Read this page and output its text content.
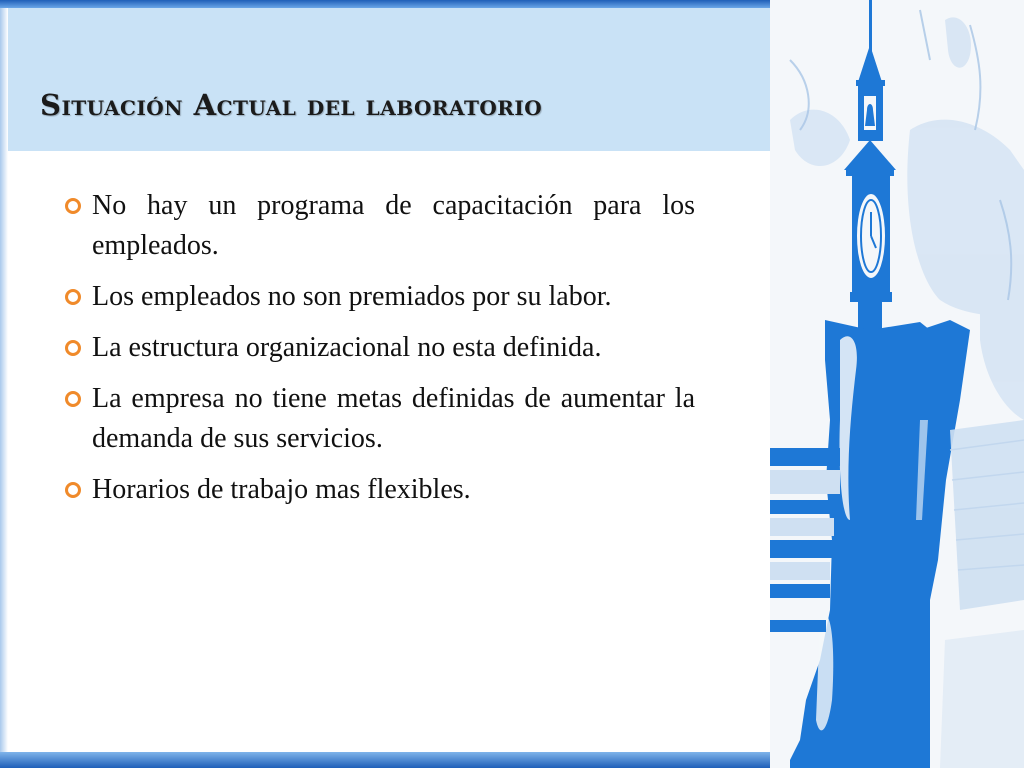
Situación Actual del laboratorio
No hay un programa de capacitación para los empleados.
Los empleados no son premiados por su labor.
La estructura organizacional no esta definida.
La empresa no tiene metas definidas de aumentar la demanda de sus servicios.
Horarios de trabajo mas flexibles.
